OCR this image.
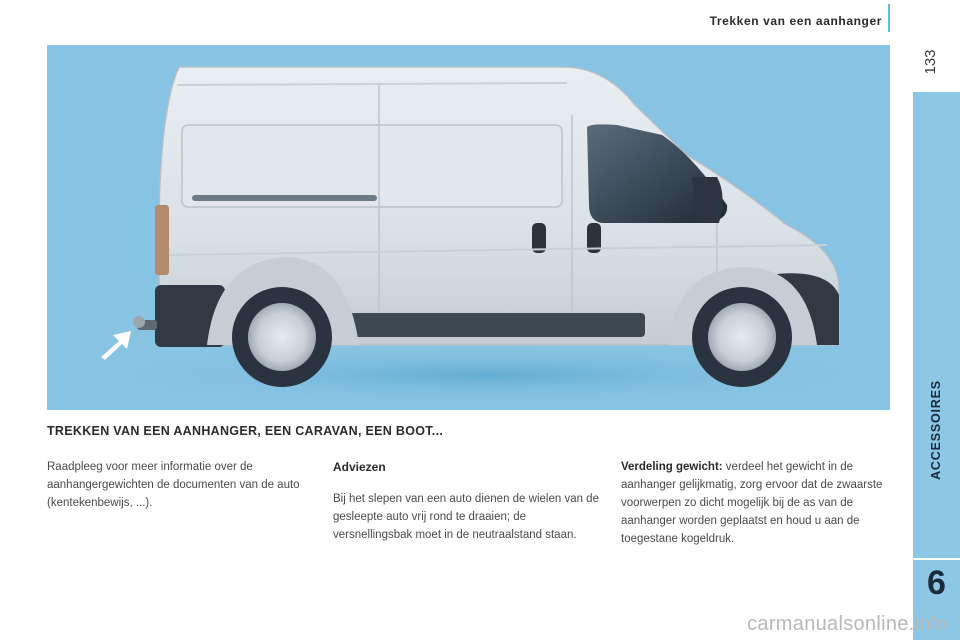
Trekken van een aanhanger
133
ACCESSOIRES
6
TREKKEN VAN EEN AANHANGER, EEN CARAVAN, EEN BOOT...

Raadpleeg voor meer informatie over de aanhangergewichten de documenten van de auto (kentekenbewijs, ...).

Adviezen

Bij het slepen van een auto dienen de wielen van de gesleepte auto vrij rond te draaien; de versnellingsbak moet in de neutraalstand staan.

Verdeling gewicht: verdeel het gewicht in de aanhanger gelijkmatig, zorg ervoor dat de zwaarste voorwerpen zo dicht mogelijk bij de as van de aanhanger worden geplaatst en houd u aan de toegestane kogeldruk.

carmanualsonline.info
